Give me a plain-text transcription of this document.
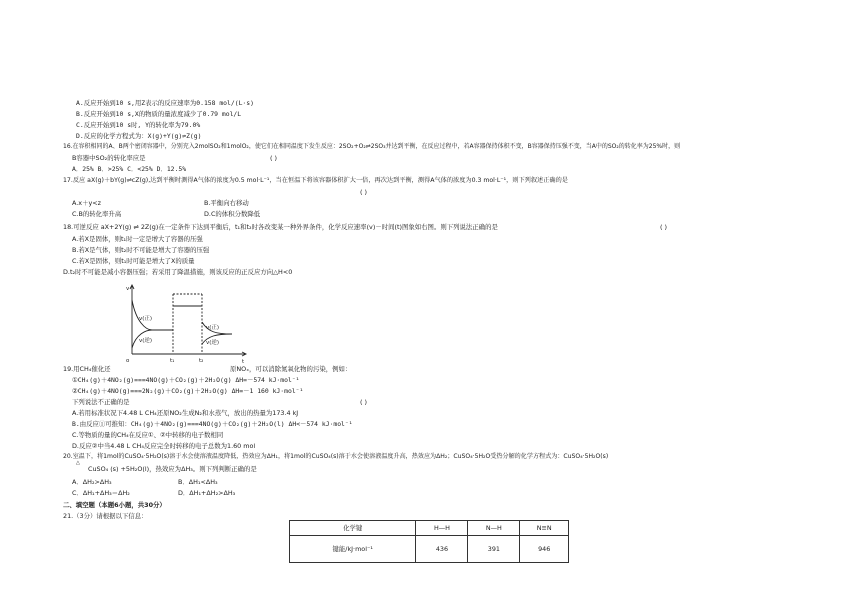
A.反应开始到10 s,用Z表示的反应速率为0.158 mol/(L·s)
B.反应开始到10 s,X的物质的量浓度减少了0.79 mol/L
C.反应开始到10 s时, Y的转化率为79.0%
D.反应的化学方程式为：X(g)+Y(g)⇌Z(g)
16.在容积相同的A、B两个密闭容器中，分别充入2molSO₂和1molO₂，使它们在相同温度下发生反应：2SO₂+O₂⇌2SO₃并达到平衡，在反应过程中，若A容器保持体积不变，B容器保持压强不变，当A中的SO₂的转化率为25%时，则
B容器中SO₂的转化率应是	( )
A．25% B．>25% C．<25% D．12.5%
17.反应 aX(g)＋bY(g)⇌cZ(g),达到平衡时测得A气体的浓度为0.5 mol·L⁻¹，当在恒温下将该容器体积扩大一倍，再次达到平衡，测得A气体的浓度为0.3 mol·L⁻¹，则下列叙述正确的是
( )
A.x＋y<z	B.平衡向右移动
C.B的转化率升高	D.C的体积分数降低
18.可逆反应 aX+2Y(g) ⇌ 2Z(g)在一定条件下达到平衡后，t₁和t₂时各改变某一种外界条件，化学反应速率(v)－时间(t)图象如右图。则下列说法正确的是	( )
A.若X是固体，则t₁时一定是增大了容器的压强
B.若X是气体，则t₂时不可能是增大了容器的压强
C.若X是固体，则t₁时可能是增大了X的质量
D.t₂时不可能是减小容器压强；若采用了降温措施，则该反应的正反应方向△H<0
v
t
o	t₁	t₂
v(正)
v(逆)
v(正)
v(逆)
19.用CH₄催化还	原NOₓ，可以消除氮氧化物的污染，例如：
①CH₄(g)＋4NO₂(g)===4NO(g)＋CO₂(g)＋2H₂O(g) ΔH=－574 kJ·mol⁻¹
②CH₄(g)＋4NO(g)===2N₂(g)＋CO₂(g)＋2H₂O(g) ΔH=－1 160 kJ·mol⁻¹
下列说法不正确的是	( )
A.若用标准状况下4.48 L CH₄还原NO₂生成N₂和水蒸气，放出的热量为173.4 kJ
B.由反应①可推知：CH₄(g)＋4NO₂(g)===4NO(g)＋CO₂(g)＋2H₂O(l) ΔH<－574 kJ·mol⁻¹
C.等物质的量的CH₄在反应①、②中转移的电子数相同
D.反应②中当4.48 L CH₄反应完全时转移的电子总数为1.60 mol
20.室温下，将1mol的CuSO₄·5H₂O(s)溶于水会使溶液温度降低，热效应为ΔH₁，将1mol的CuSO₄(s)溶于水会使溶液温度升高，热效应为ΔH₂；CuSO₄·5H₂O受热分解的化学方程式为：CuSO₄·5H₂O(s)
△
CuSO₄ (s) +5H₂O(l)，热效应为ΔH₃。则下列判断正确的是
A．ΔH₂>ΔH₃	B．ΔH₁<ΔH₃
C．ΔH₁+ΔH₃＝ΔH₂	D．ΔH₁+ΔH₂>ΔH₃
二、填空题（本题6小题，共30分）
21.（3分）请根据以下信息：
化学键	H—H	N—H	N≡N
键能/kJ·mol⁻¹	436	391	946
